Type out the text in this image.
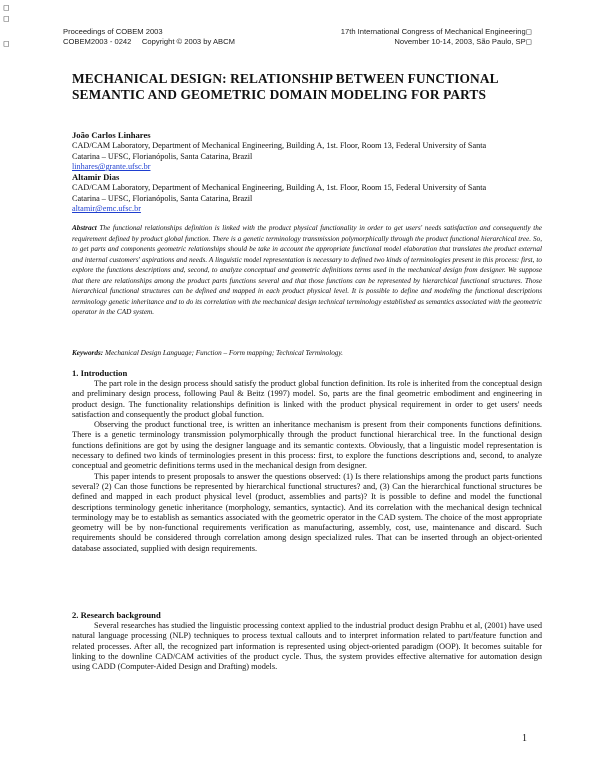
◻
◻
◻
Proceedings of COBEM 2003
COBEM2003 - 0242     Copyright © 2003 by ABCM
17th International Congress of Mechanical Engineering◻
November 10-14, 2003, São Paulo, SP◻
MECHANICAL DESIGN: RELATIONSHIP BETWEEN FUNCTIONAL
SEMANTIC AND GEOMETRIC DOMAIN MODELING FOR PARTS
João Carlos Linhares
CAD/CAM Laboratory, Department of Mechanical Engineering, Building A, 1st. Floor, Room 13, Federal University of Santa
Catarina – UFSC, Florianópolis, Santa Catarina, Brazil
linhares@grante.ufsc.br
Altamir Dias
CAD/CAM Laboratory, Department of Mechanical Engineering, Building A, 1st. Floor, Room 15, Federal University of Santa
Catarina – UFSC, Florianópolis, Santa Catarina, Brazil
altamir@emc.ufsc.br
Abstract The functional relationships definition is linked with the product physical functionality in order to get users' needs satisfaction and consequently the requirement defined by product global function. There is a genetic terminology transmission polymorphically through the product functional hierarchical tree. So, to get parts and components geometric relationships should be take in account the appropriate functional model elaboration that translates the product external and internal customers' aspirations and needs. A linguistic model representation is necessary to defined two kinds of terminologies present in this process: first, to explore the functions descriptions and, second, to analyze conceptual and geometric definitions terms used in the mechanical design from designer. We suppose that there are relationships among the product parts functions several and that those functions can be represented by hierarchical functional structures. Those hierarchical functional structures can be defined and mapped in each product physical level. It is possible to define and modeling the functional descriptions terminology genetic inheritance and to do its correlation with the mechanical design technical terminology established as semantics associated with the geometric operator in the CAD system.
Keywords: Mechanical Design Language; Function – Form mapping; Technical Terminology.
1. Introduction

The part role in the design process should satisfy the product global function definition. Its role is inherited from the conceptual design and preliminary design process, following Paul & Beitz (1997) model. So, parts are the final geometric embodiment and engineering in product design. The functionality relationships definition is linked with the product physical requirement in order to get users' needs satisfaction and consequently the product global function.

Observing the product functional tree, is written an inheritance mechanism is present from their components functions definitions. There is a genetic terminology transmission polymorphically through the product functional hierarchical tree. In the functional design functions definitions are got by using the designer language and its semantic contexts. Obviously, that a linguistic model representation is necessary to defined two kinds of terminologies present in this process: first, to explore the functions descriptions and, second, to analyze conceptual and geometric definitions terms used in the mechanical design from designer.

This paper intends to present proposals to answer the questions observed: (1) Is there relationships among the product parts functions several? (2) Can those functions be represented by hierarchical functional structures? and, (3) Can the hierarchical functional structures be defined and mapped in each product physical level (product, assemblies and parts)? It is possible to define and model the functional descriptions terminology genetic inheritance (morphology, semantics, syntactic). And its correlation with the mechanical design technical terminology may be to establish as semantics associated with the geometric operator in the CAD system. The choice of the most appropriate geometry will be by non-functional requirements verification as manufacturing, assembly, cost, use, maintenance and discard. Such requirements should be considered through correlation among design specialized rules. That can be inserted through an object-oriented database associated, supplied with design requirements.

2. Research background

Several researches has studied the linguistic processing context applied to the industrial product design Prabhu et al, (2001) have used natural language processing (NLP) techniques to process textual callouts and to interpret information related to part/feature function and related processes. After all, the recognized part information is represented using object-oriented paradigm (OOP). It becomes suitable for linking to the downline CAD/CAM activities of the product cycle. Thus, the system provides effective alternative for automation design using CADD (Computer-Aided Design and Drafting) models.

1
